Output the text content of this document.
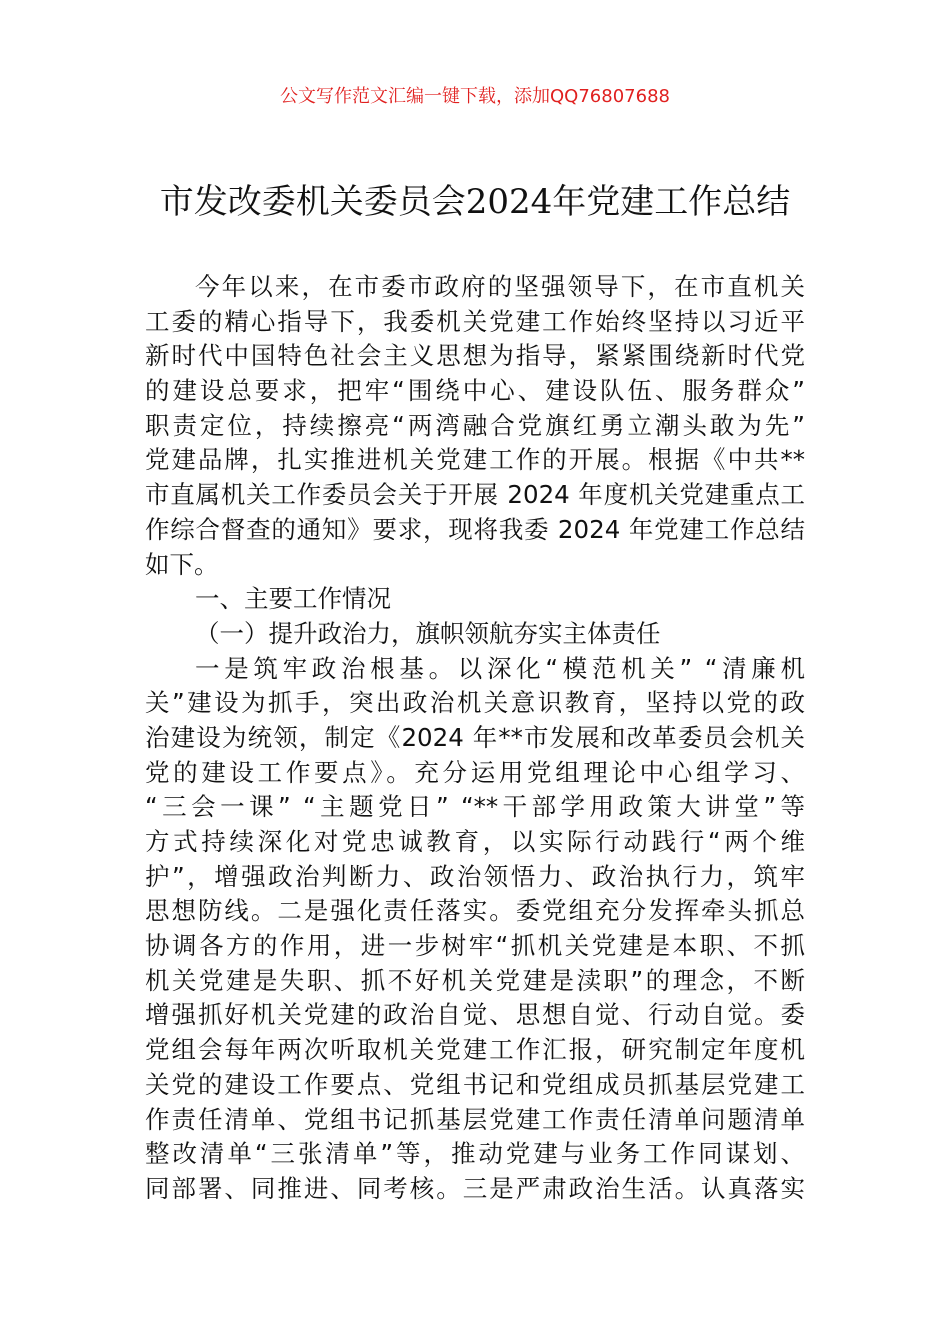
公文写作范文汇编一键下载，添加QQ76807688
市发改委机关委员会2024年党建工作总结
今年以来，在市委市政府的坚强领导下，在市直机关
工委的精心指导下，我委机关党建工作始终坚持以习近平
新时代中国特色社会主义思想为指导，紧紧围绕新时代党
的建设总要求，把牢“围绕中心、建设队伍、服务群众”
职责定位，持续擦亮“两湾融合党旗红勇立潮头敢为先”
党建品牌，扎实推进机关党建工作的开展。根据《中共**
市直属机关工作委员会关于开展 2024 年度机关党建重点工
作综合督查的通知》要求，现将我委 2024 年党建工作总结
如下。
一、主要工作情况
（一）提升政治力，旗帜领航夯实主体责任
一是筑牢政治根基。以深化“模范机关” “清廉机
关”建设为抓手，突出政治机关意识教育，坚持以党的政
治建设为统领，制定《2024 年**市发展和改革委员会机关
党的建设工作要点》。充分运用党组理论中心组学习、
“三会一课” “主题党日” “**干部学用政策大讲堂”等
方式持续深化对党忠诚教育，以实际行动践行“两个维
护”，增强政治判断力、政治领悟力、政治执行力，筑牢
思想防线。二是强化责任落实。委党组充分发挥牵头抓总
协调各方的作用，进一步树牢“抓机关党建是本职、不抓
机关党建是失职、抓不好机关党建是渎职”的理念，不断
增强抓好机关党建的政治自觉、思想自觉、行动自觉。委
党组会每年两次听取机关党建工作汇报，研究制定年度机
关党的建设工作要点、党组书记和党组成员抓基层党建工
作责任清单、党组书记抓基层党建工作责任清单问题清单
整改清单“三张清单”等，推动党建与业务工作同谋划、
同部署、同推进、同考核。三是严肃政治生活。认真落实
